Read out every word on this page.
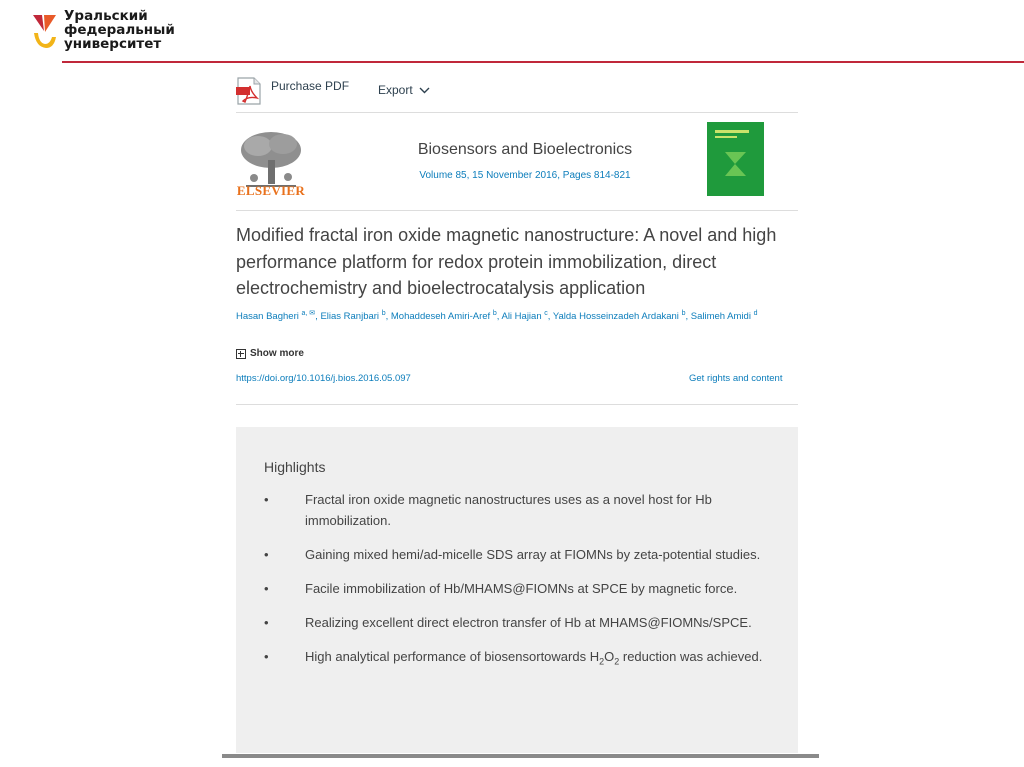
Уральский
федеральный
университет
Purchase PDF Export
ELSEVIER
Biosensors and Bioelectronics
Volume 85, 15 November 2016, Pages 814-821
Modified fractal iron oxide magnetic nanostructure: A novel and high performance platform for redox protein immobilization, direct electrochemistry and bioelectrocatalysis application
Hasan Bagheri $^{a, ✉}$, Elias Ranjbari $^b$, Mohaddeseh Amiri-Aref $^b$, Ali Hajian $^c$, Yalda Hosseinzadeh Ardakani $^b$, Salimeh Amidi $^d$
Show more
https://doi.org/10.1016/j.bios.2016.05.097	Get rights and content
Highlights
• Fractal iron oxide magnetic nanostructures uses as a novel host for Hb immobilization.
• Gaining mixed hemi/ad-micelle SDS array at FIOMNs by zeta-potential studies.
• Facile immobilization of Hb/MHAMS@FIOMNs at SPCE by magnetic force.
• Realizing excellent direct electron transfer of Hb at MHAMS@FIOMNs/SPCE.
• High analytical performance of biosensortowards $H_2O_2$ reduction was achieved.
